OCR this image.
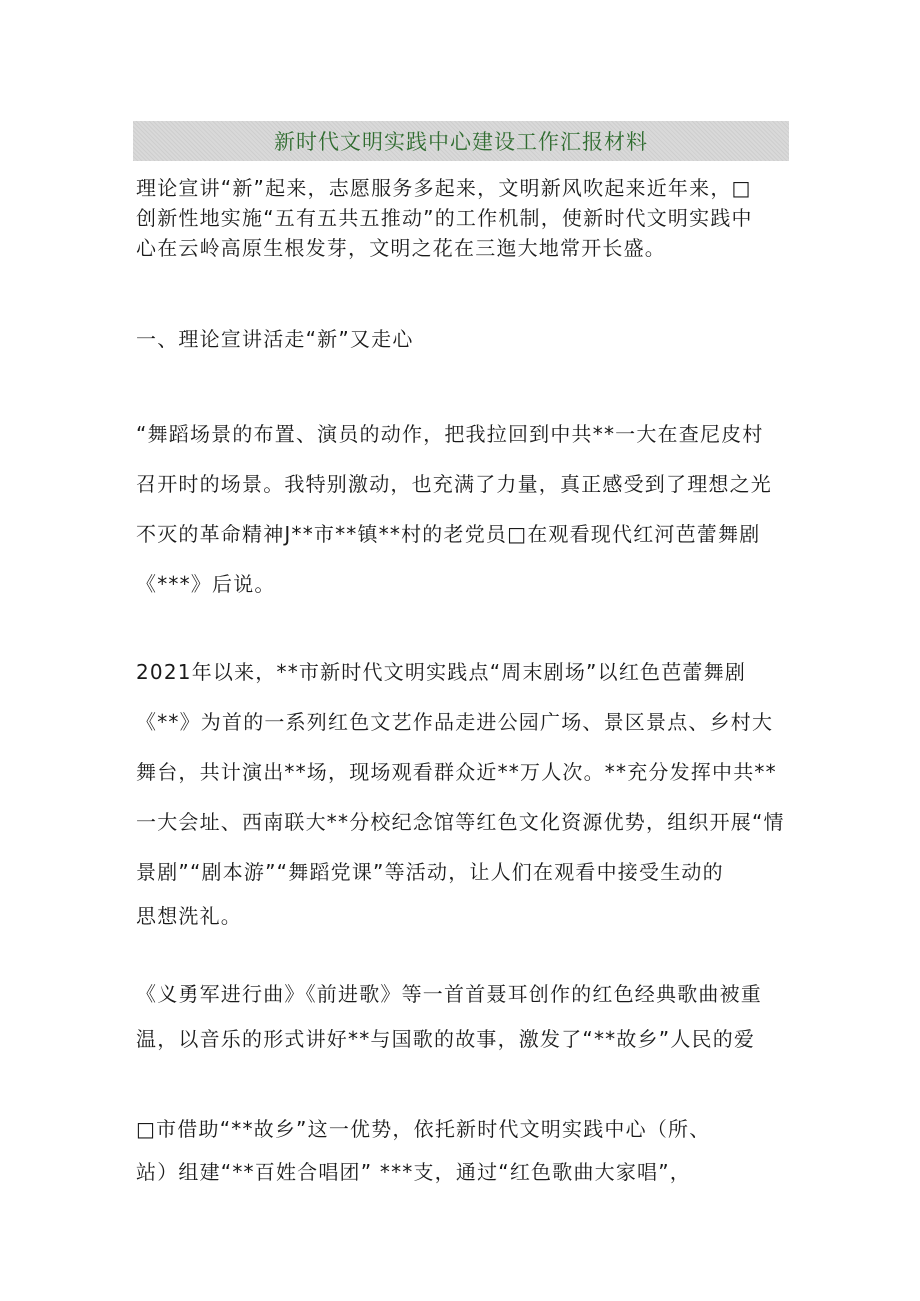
新时代文明实践中心建设工作汇报材料
理论宣讲“新”起来，志愿服务多起来，文明新风吹起来近年来，□
创新性地实施“五有五共五推动”的工作机制，使新时代文明实践中
心在云岭高原生根发芽，文明之花在三迤大地常开长盛。
一、理论宣讲活走“新”又走心
“舞蹈场景的布置、演员的动作，把我拉回到中共**一大在查尼皮村
召开时的场景。我特别激动，也充满了力量，真正感受到了理想之光
不灭的革命精神J**市**镇**村的老党员□在观看现代红河芭蕾舞剧
《***》后说。
2021年以来，**市新时代文明实践点“周末剧场”以红色芭蕾舞剧
《**》为首的一系列红色文艺作品走进公园广场、景区景点、乡村大
舞台，共计演出**场，现场观看群众近**万人次。**充分发挥中共**
一大会址、西南联大**分校纪念馆等红色文化资源优势，组织开展“情
景剧”“剧本游”“舞蹈党课”等活动，让人们在观看中接受生动的
思想洗礼。
《义勇军进行曲》《前进歌》等一首首聂耳创作的红色经典歌曲被重
温，以音乐的形式讲好**与国歌的故事，激发了“**故乡”人民的爱
□市借助“**故乡”这一优势，依托新时代文明实践中心（所、
站）组建“**百姓合唱团” ***支，通过“红色歌曲大家唱”，
